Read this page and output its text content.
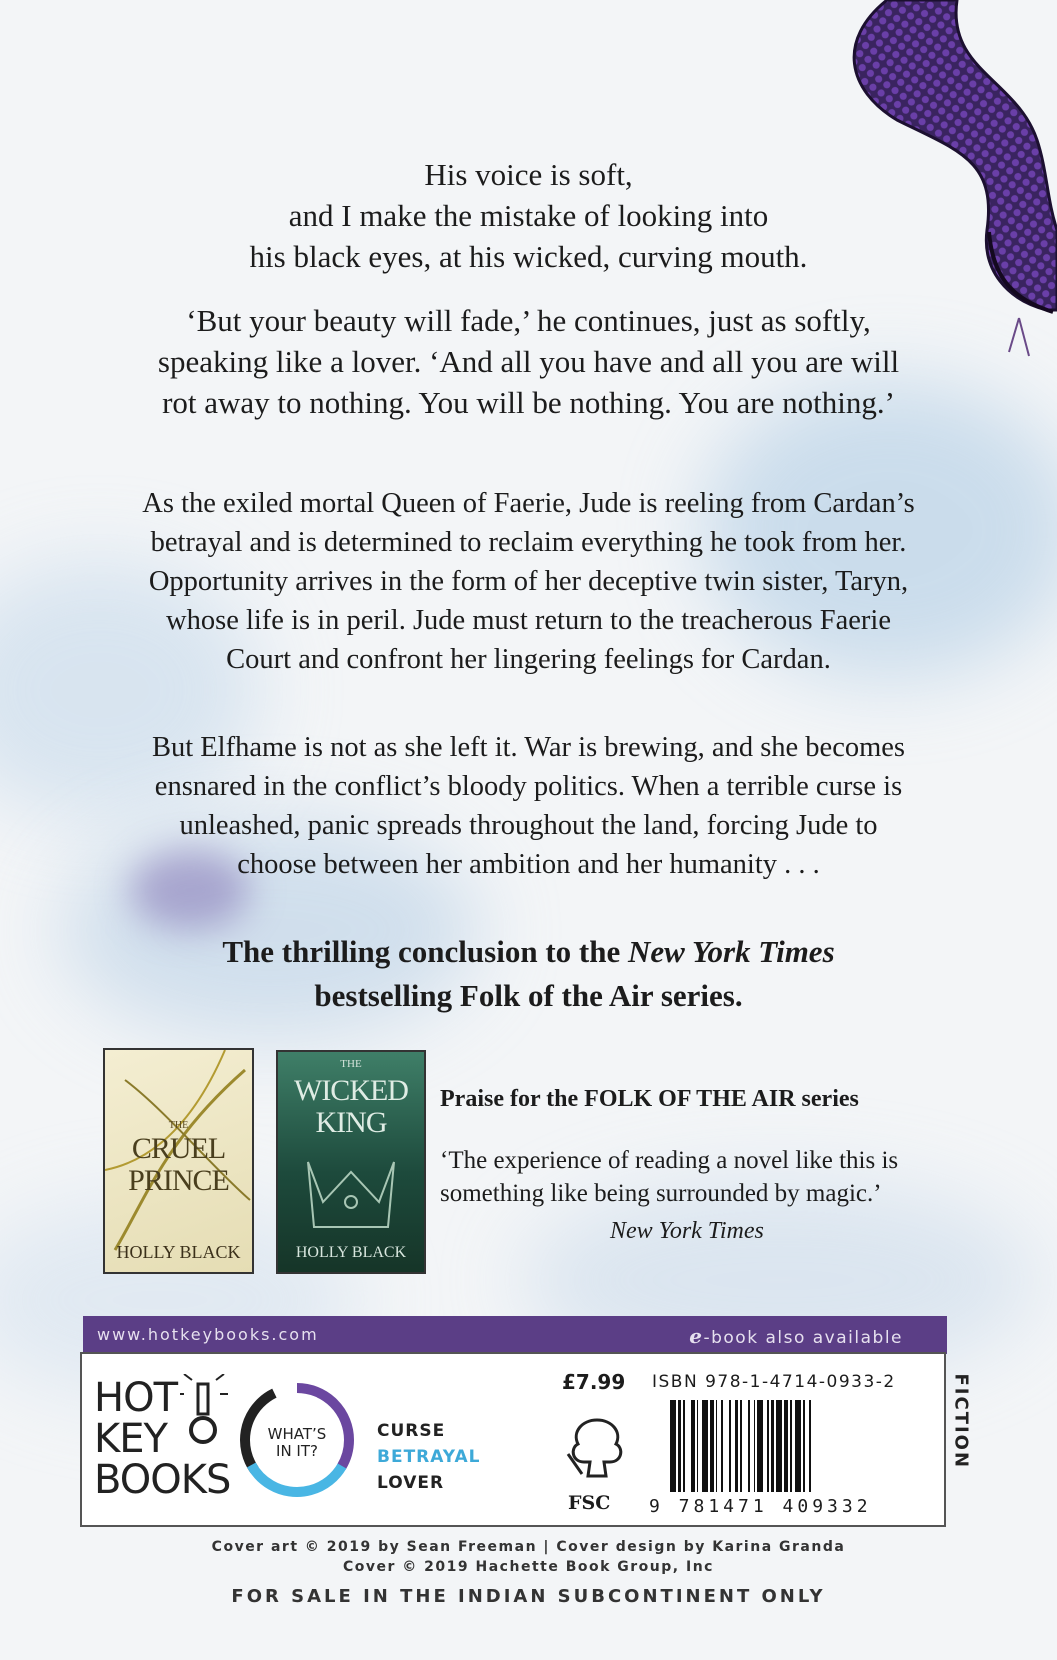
His voice is soft,
and I make the mistake of looking into
his black eyes, at his wicked, curving mouth.
‘But your beauty will fade,’ he continues, just as softly,
speaking like a lover. ‘And all you have and all you are will
rot away to nothing. You will be nothing. You are nothing.’
As the exiled mortal Queen of Faerie, Jude is reeling from Cardan’s
betrayal and is determined to reclaim everything he took from her.
Opportunity arrives in the form of her deceptive twin sister, Taryn,
whose life is in peril. Jude must return to the treacherous Faerie
Court and confront her lingering feelings for Cardan.
But Elfhame is not as she left it. War is brewing, and she becomes
ensnared in the conflict’s bloody politics. When a terrible curse is
unleashed, panic spreads throughout the land, forcing Jude to
choose between her ambition and her humanity . . .
The thrilling conclusion to the New York Times
bestselling Folk of the Air series.
THE
CRUEL
PRINCE
HOLLY BLACK
THE
WICKED
KING
HOLLY BLACK
Praise for the FOLK OF THE AIR series
‘The experience of reading a novel like this is
something like being surrounded by magic.’
New York Times
www.hotkeybooks.com	e-book also available
HOT
KEY
BOOKS
WHAT’S
IN IT?
CURSE
BETRAYAL
LOVER
£7.99
FSC
ISBN 978-1-4714-0933-2
9 781471 409332
FICTION
Cover art © 2019 by Sean Freeman | Cover design by Karina Granda
Cover © 2019 Hachette Book Group, Inc
FOR SALE IN THE INDIAN SUBCONTINENT ONLY
